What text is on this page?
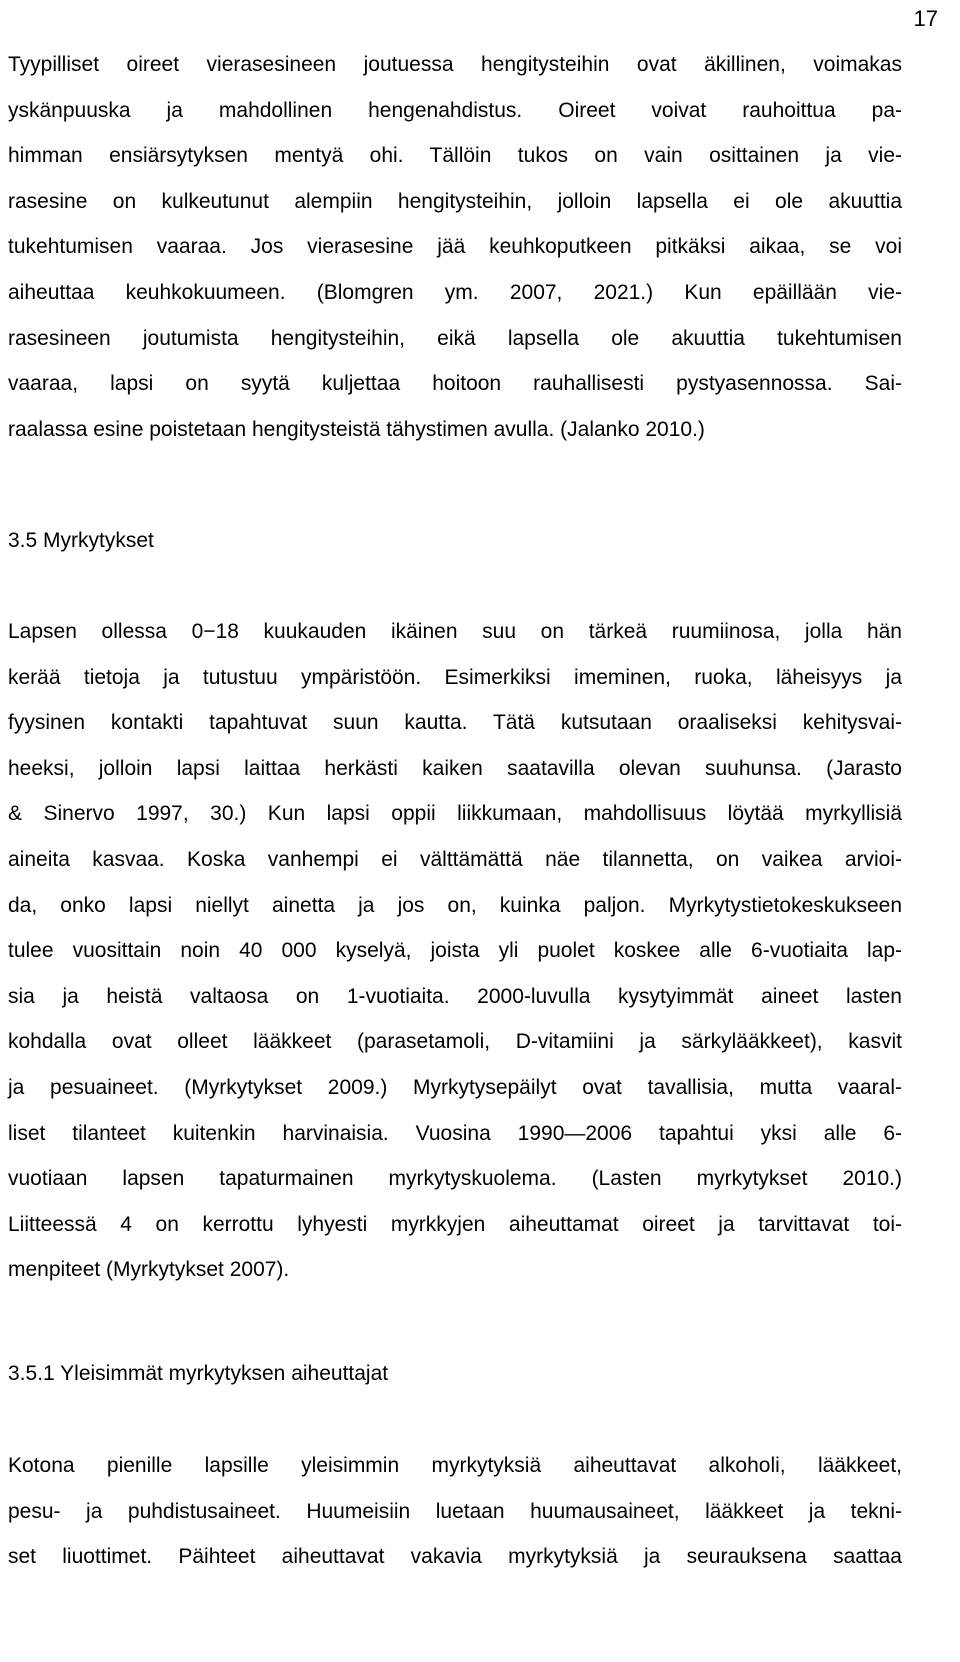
17

Tyypilliset oireet vierasesineen joutuessa hengitysteihin ovat äkillinen, voimakas
yskänpuuska ja mahdollinen hengenahdistus. Oireet voivat rauhoittua pa-
himman ensiärsytyksen mentyä ohi. Tällöin tukos on vain osittainen ja vie-
rasesine on kulkeutunut alempiin hengitysteihin, jolloin lapsella ei ole akuuttia
tukehtumisen vaaraa. Jos vierasesine jää keuhkoputkeen pitkäksi aikaa, se voi
aiheuttaa keuhkokuumeen. (Blomgren ym. 2007, 2021.) Kun epäillään vie-
rasesineen joutumista hengitysteihin, eikä lapsella ole akuuttia tukehtumisen
vaaraa, lapsi on syytä kuljettaa hoitoon rauhallisesti pystyasennossa. Sai-
raalassa esine poistetaan hengitysteistä tähystimen avulla. (Jalanko 2010.)

3.5 Myrkytykset

Lapsen ollessa 0−18 kuukauden ikäinen suu on tärkeä ruumiinosa, jolla hän
kerää tietoja ja tutustuu ympäristöön. Esimerkiksi imeminen, ruoka, läheisyys ja
fyysinen kontakti tapahtuvat suun kautta. Tätä kutsutaan oraaliseksi kehitysvai-
heeksi, jolloin lapsi laittaa herkästi kaiken saatavilla olevan suuhunsa. (Jarasto
& Sinervo 1997, 30.) Kun lapsi oppii liikkumaan, mahdollisuus löytää myrkyllisiä
aineita kasvaa. Koska vanhempi ei välttämättä näe tilannetta, on vaikea arvioi-
da, onko lapsi niellyt ainetta ja jos on, kuinka paljon. Myrkytystietokeskukseen
tulee vuosittain noin 40 000 kyselyä, joista yli puolet koskee alle 6-vuotiaita lap-
sia ja heistä valtaosa on 1-vuotiaita. 2000-luvulla kysytyimmät aineet lasten
kohdalla ovat olleet lääkkeet (parasetamoli, D-vitamiini ja särkylääkkeet), kasvit
ja pesuaineet. (Myrkytykset 2009.) Myrkytysepäilyt ovat tavallisia, mutta vaaral-
liset tilanteet kuitenkin harvinaisia. Vuosina 1990―2006 tapahtui yksi alle 6-
vuotiaan lapsen tapaturmainen myrkytyskuolema. (Lasten myrkytykset 2010.)
Liitteessä 4 on kerrottu lyhyesti myrkkyjen aiheuttamat oireet ja tarvittavat toi-
menpiteet (Myrkytykset 2007).

3.5.1 Yleisimmät myrkytyksen aiheuttajat

Kotona pienille lapsille yleisimmin myrkytyksiä aiheuttavat alkoholi, lääkkeet,
pesu- ja puhdistusaineet. Huumeisiin luetaan huumausaineet, lääkkeet ja tekni-
set liuottimet. Päihteet aiheuttavat vakavia myrkytyksiä ja seurauksena saattaa
